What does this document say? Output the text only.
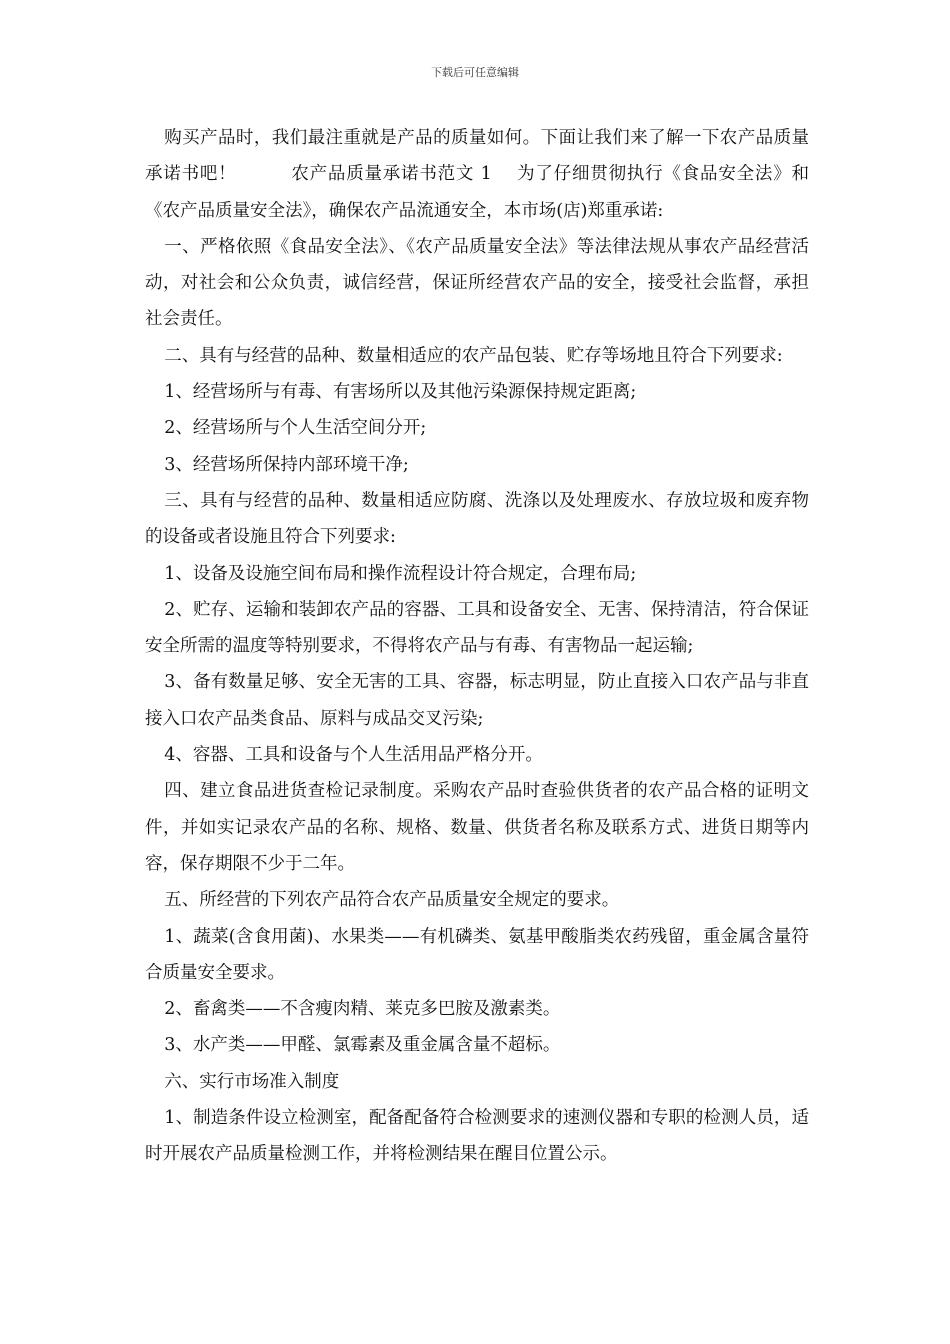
下载后可任意编辑

购买产品时，我们最注重就是产品的质量如何。下面让我们来了解一下农产品质量承诺书吧！　　　农产品质量承诺书范文 1　 为了仔细贯彻执行《食品安全法》和《农产品质量安全法》，确保农产品流通安全，本市场(店)郑重承诺:

一、严格依照《食品安全法》、《农产品质量安全法》等法律法规从事农产品经营活动，对社会和公众负责，诚信经营，保证所经营农产品的安全，接受社会监督，承担社会责任。

二、具有与经营的品种、数量相适应的农产品包装、贮存等场地且符合下列要求:

1、经营场所与有毒、有害场所以及其他污染源保持规定距离;

2、经营场所与个人生活空间分开;

3、经营场所保持内部环境干净;

三、具有与经营的品种、数量相适应防腐、洗涤以及处理废水、存放垃圾和废弃物的设备或者设施且符合下列要求:

1、设备及设施空间布局和操作流程设计符合规定，合理布局;

2、贮存、运输和装卸农产品的容器、工具和设备安全、无害、保持清洁，符合保证安全所需的温度等特别要求，不得将农产品与有毒、有害物品一起运输;

3、备有数量足够、安全无害的工具、容器，标志明显，防止直接入口农产品与非直接入口农产品类食品、原料与成品交叉污染;

4、容器、工具和设备与个人生活用品严格分开。

四、建立食品进货查检记录制度。采购农产品时查验供货者的农产品合格的证明文件，并如实记录农产品的名称、规格、数量、供货者名称及联系方式、进货日期等内容，保存期限不少于二年。

五、所经营的下列农产品符合农产品质量安全规定的要求。

1、蔬菜(含食用菌)、水果类——有机磷类、氨基甲酸脂类农药残留，重金属含量符合质量安全要求。

2、畜禽类——不含瘦肉精、莱克多巴胺及激素类。

3、水产类——甲醛、氯霉素及重金属含量不超标。

六、实行市场准入制度

1、制造条件设立检测室，配备配备符合检测要求的速测仪器和专职的检测人员，适时开展农产品质量检测工作，并将检测结果在醒目位置公示。
